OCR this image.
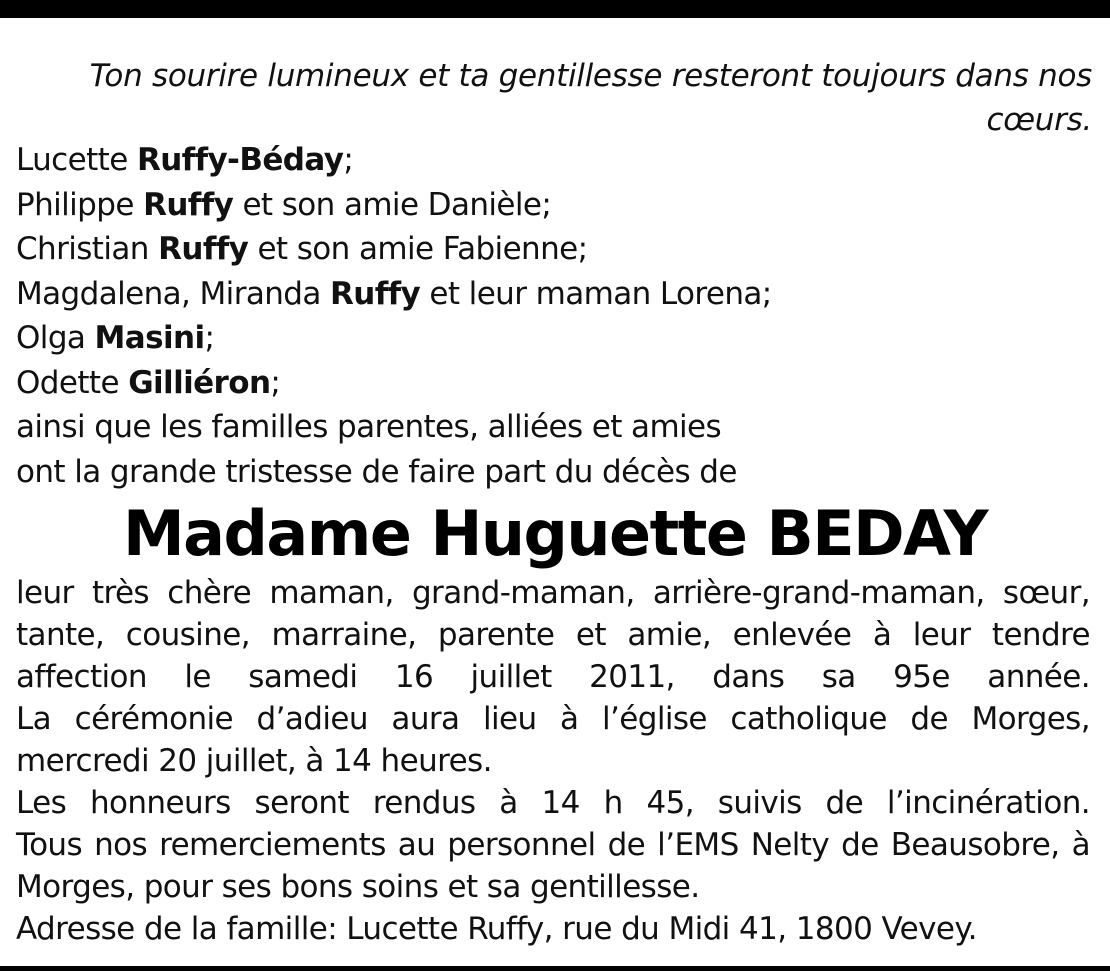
Ton sourire lumineux et ta gentillesse resteront toujours dans nos cœurs.
Lucette Ruffy-Béday;
Philippe Ruffy et son amie Danièle;
Christian Ruffy et son amie Fabienne;
Magdalena, Miranda Ruffy et leur maman Lorena;
Olga Masini;
Odette Gilliéron;
ainsi que les familles parentes, alliées et amies
ont la grande tristesse de faire part du décès de
Madame Huguette BEDAY
leur très chère maman, grand-maman, arrière-grand-maman, sœur, tante, cousine, marraine, parente et amie, enlevée à leur tendre affection le samedi 16 juillet 2011, dans sa 95e année.
La cérémonie d’adieu aura lieu à l’église catholique de Morges, mercredi 20 juillet, à 14 heures.
Les honneurs seront rendus à 14 h 45, suivis de l’incinération.
Tous nos remerciements au personnel de l’EMS Nelty de Beausobre, à Morges, pour ses bons soins et sa gentillesse.
Adresse de la famille: Lucette Ruffy, rue du Midi 41, 1800 Vevey.
